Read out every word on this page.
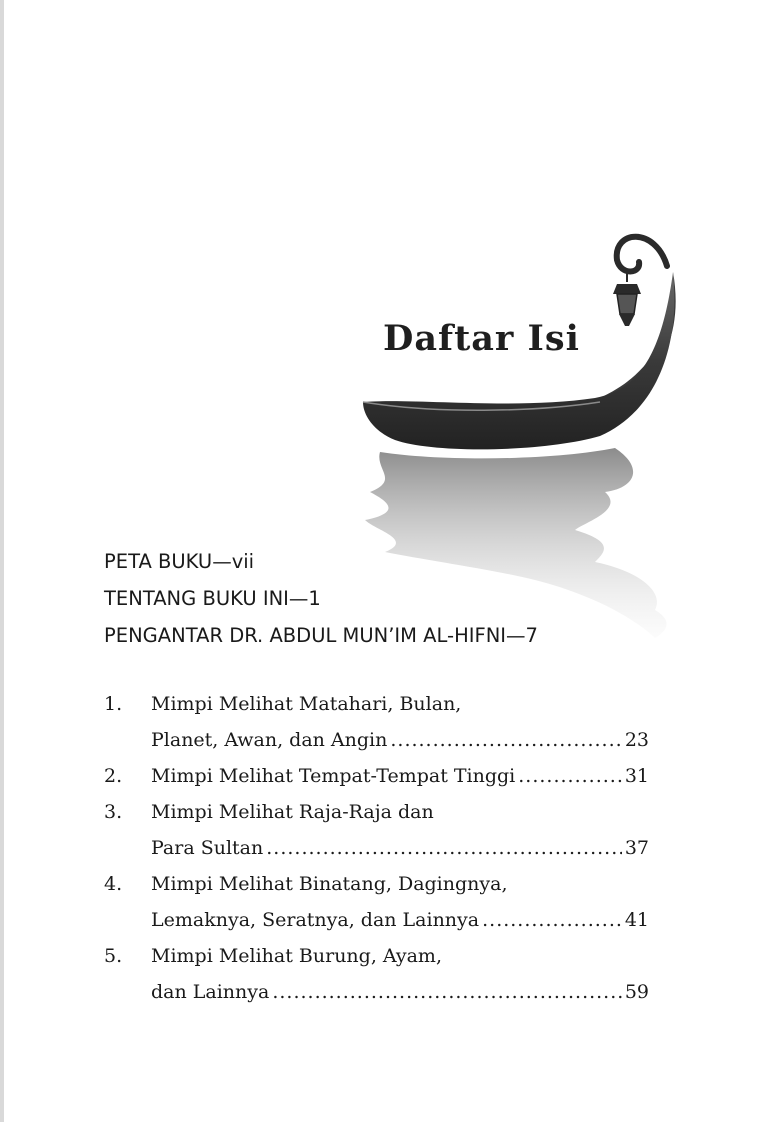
Daftar Isi
PETA BUKU—vii
TENTANG BUKU INI—1
PENGANTAR DR. ABDUL MUN’IM AL-HIFNI—7
1.	Mimpi Melihat Matahari, Bulan,
Planet, Awan, dan Angin .....	23
2.	Mimpi Melihat Tempat-Tempat Tinggi .....	31
3.	Mimpi Melihat Raja-Raja dan
Para Sultan .....	37
4.	Mimpi Melihat Binatang, Dagingnya,
Lemaknya, Seratnya, dan Lainnya .....	41
5.	Mimpi Melihat Burung, Ayam,
dan Lainnya .....	59
